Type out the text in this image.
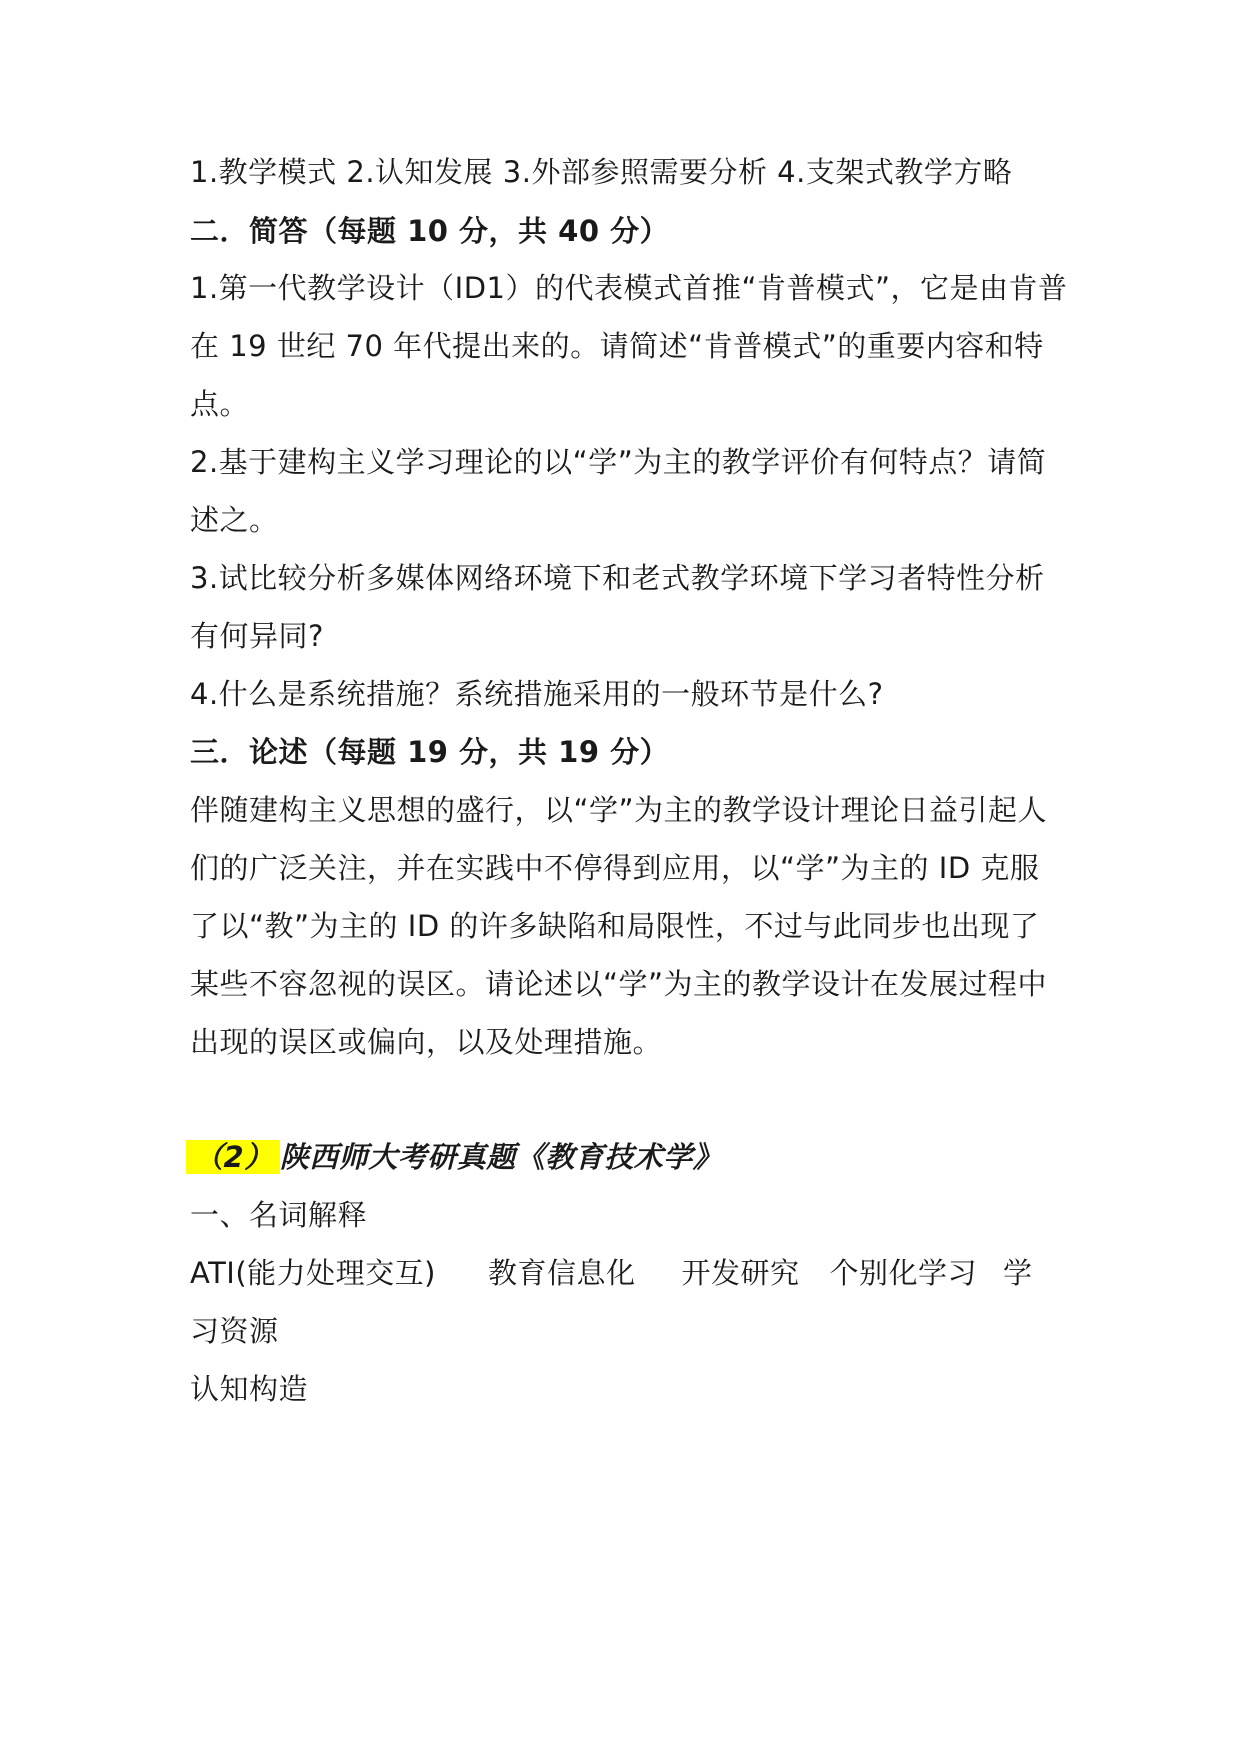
1.教学模式 2.认知发展 3.外部参照需要分析 4.支架式教学方略
二．简答（每题 10 分，共 40 分）
1.第一代教学设计（ID1）的代表模式首推“肯普模式”，它是由肯普
在 19 世纪 70 年代提出来的。请简述“肯普模式”的重要内容和特
点。
2.基于建构主义学习理论的以“学”为主的教学评价有何特点？请简
述之。
3.试比较分析多媒体网络环境下和老式教学环境下学习者特性分析
有何异同?
4.什么是系统措施？系统措施采用的一般环节是什么?
三．论述（每题 19 分，共 19 分）
伴随建构主义思想的盛行，以“学”为主的教学设计理论日益引起人
们的广泛关注，并在实践中不停得到应用，以“学”为主的 ID 克服
了以“教”为主的 ID 的许多缺陷和局限性，不过与此同步也出现了
某些不容忽视的误区。请论述以“学”为主的教学设计在发展过程中
出现的误区或偏向，以及处理措施。
（2） 陕西师大考研真题《教育技术学》
一、名词解释
ATI(能力处理交互) 教育信息化 开发研究 个别化学习 学
习资源
认知构造
